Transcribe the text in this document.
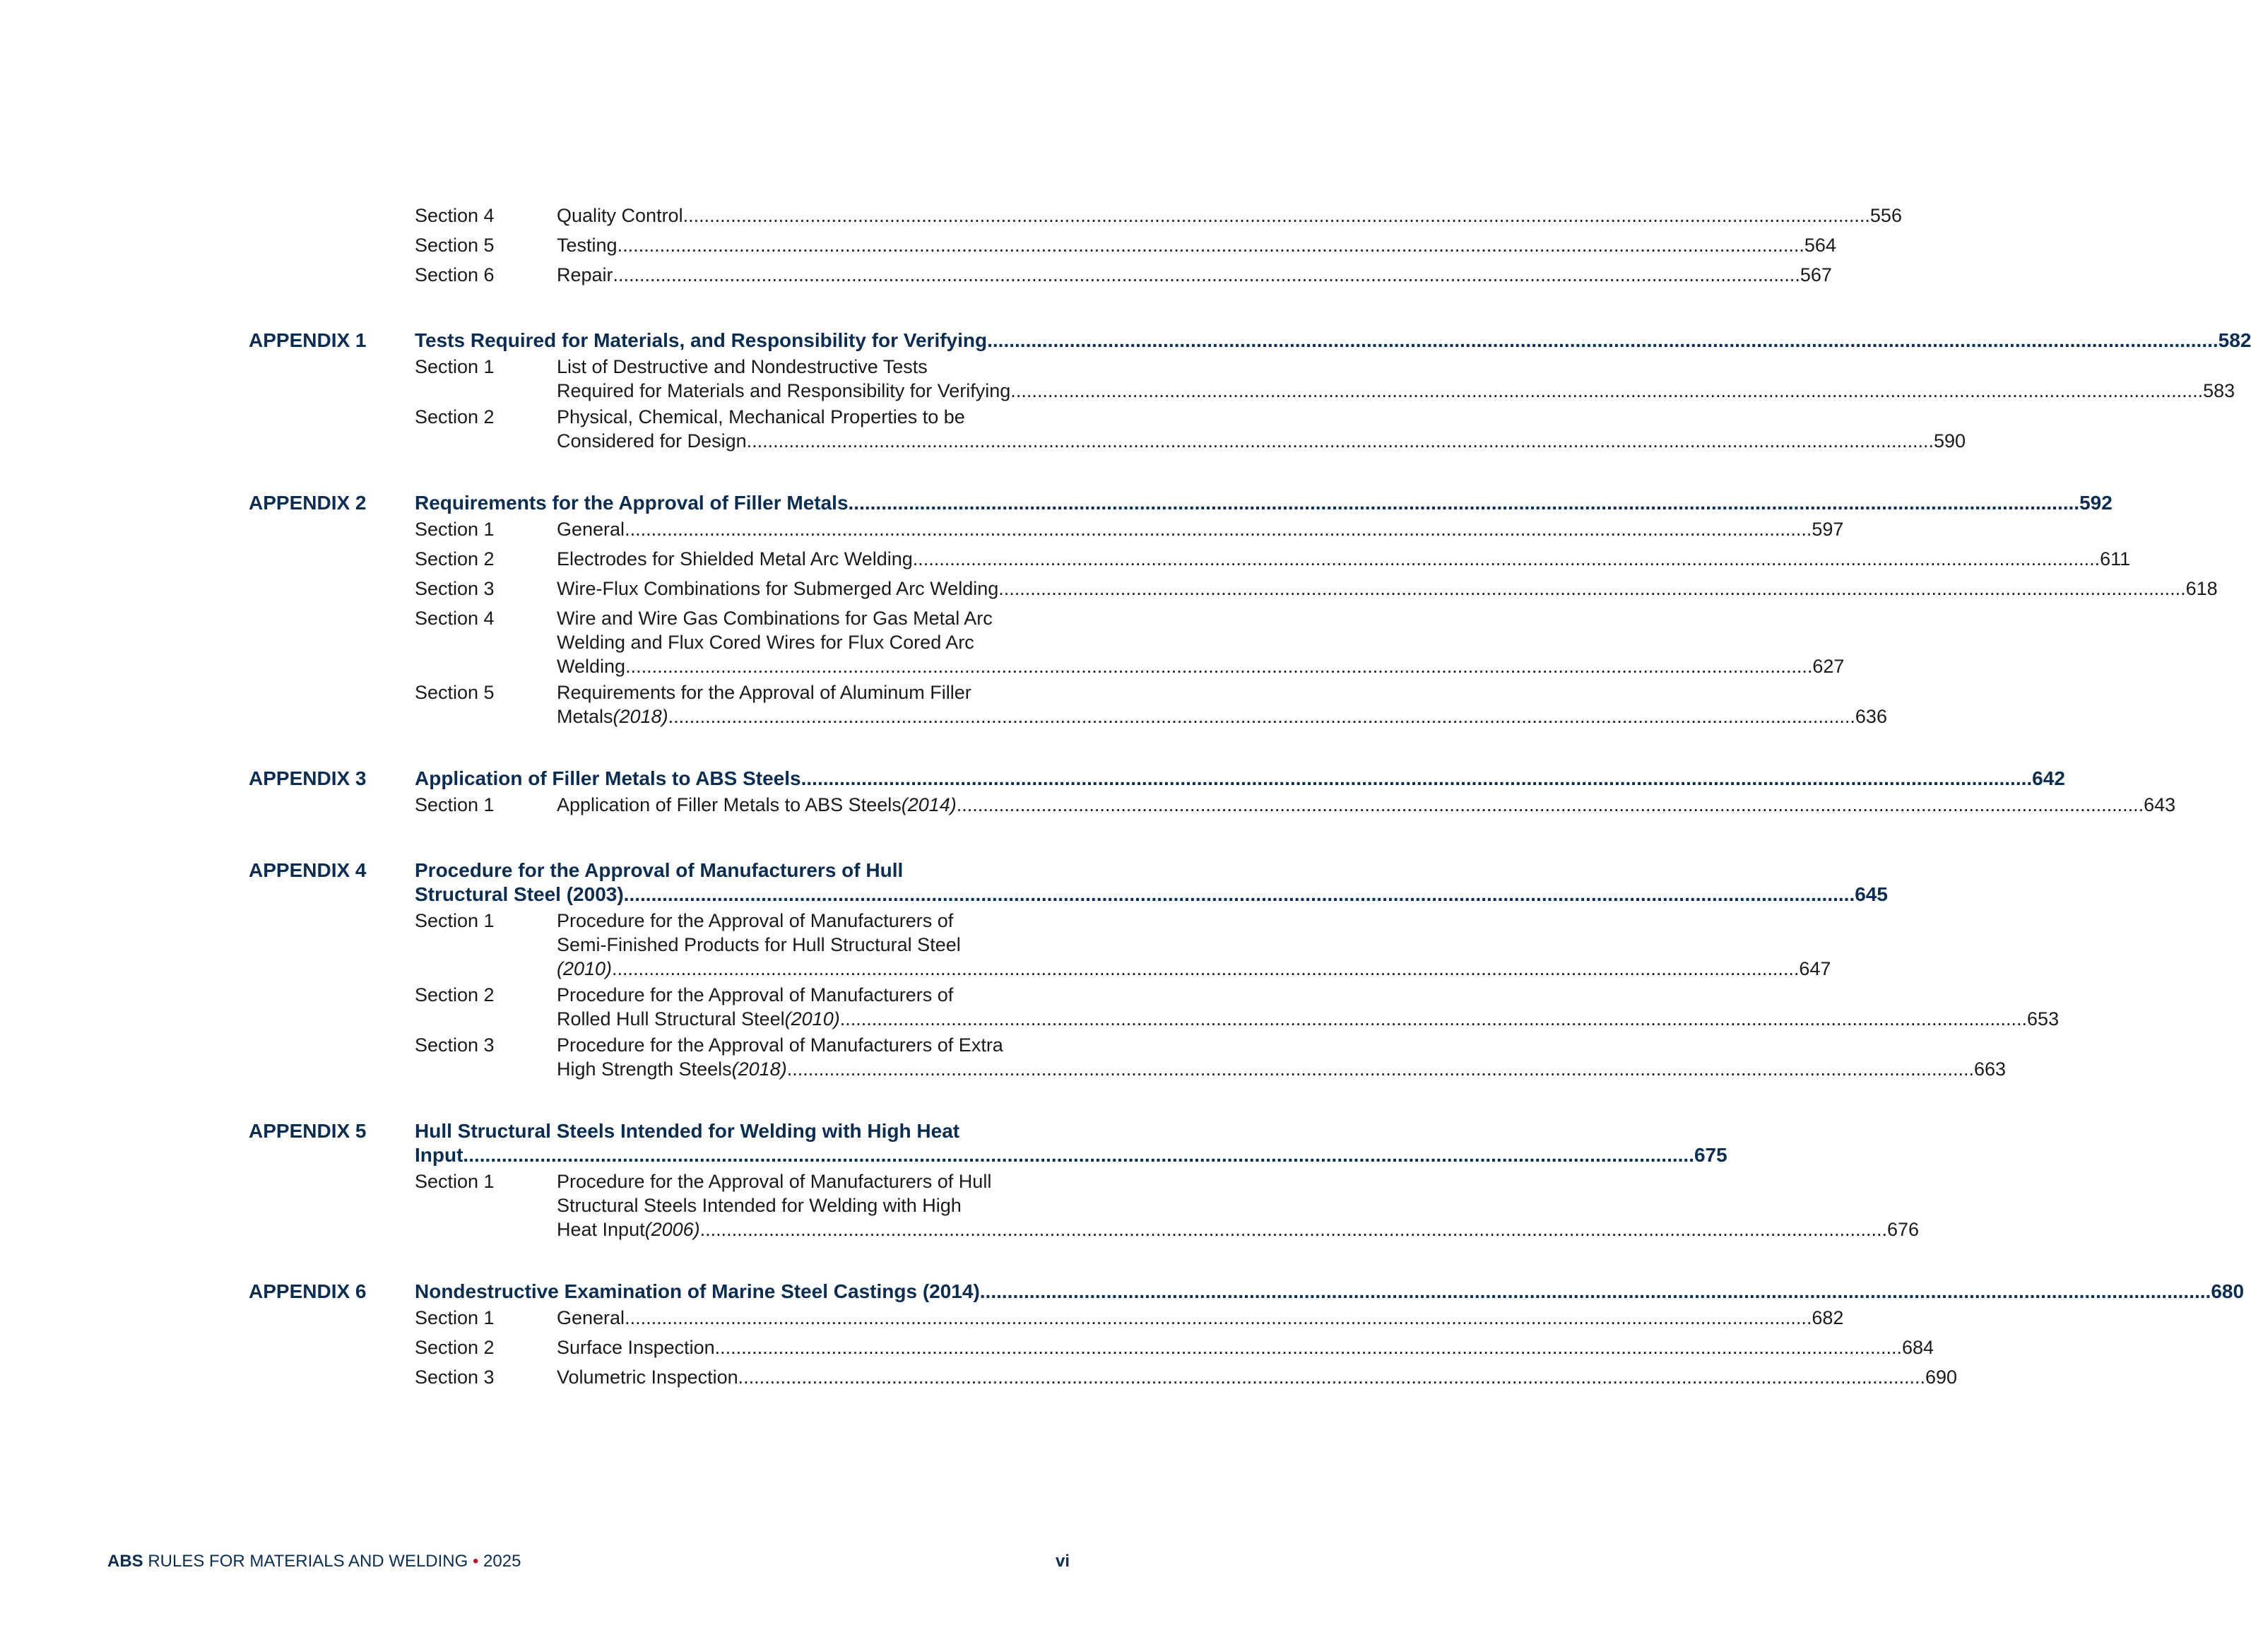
Section 4	Quality Control .....	556
Section 5	Testing .....	564
Section 6	Repair .....	567
APPENDIX 1	Tests Required for Materials, and Responsibility for Verifying .....	582
Section 1	List of Destructive and Nondestructive Tests
Required for Materials and Responsibility for Verifying. .....	583
Section 2	Physical, Chemical, Mechanical Properties to be
Considered for Design .....	590
APPENDIX 2	Requirements for the Approval of Filler Metals .....	592
Section 1	General .....	597
Section 2	Electrodes for Shielded Metal Arc Welding .....	611
Section 3	Wire-Flux Combinations for Submerged Arc Welding .....	618
Section 4	Wire and Wire Gas Combinations for Gas Metal Arc
Welding and Flux Cored Wires for Flux Cored Arc
Welding .....	627
Section 5	Requirements for the Approval of Aluminum Filler
Metals (2018) .....	636
APPENDIX 3	Application of Filler Metals to ABS Steels .....	642
Section 1	Application of Filler Metals to ABS Steels (2014) .....	643
APPENDIX 4	Procedure for the Approval of Manufacturers of Hull
Structural Steel (2003) .....	645
Section 1	Procedure for the Approval of Manufacturers of
Semi-Finished Products for Hull Structural Steel
(2010) .....	647
Section 2	Procedure for the Approval of Manufacturers of
Rolled Hull Structural Steel (2010) .....	653
Section 3	Procedure for the Approval of Manufacturers of Extra
High Strength Steels (2018) .....	663
APPENDIX 5	Hull Structural Steels Intended for Welding with High Heat
Input .....	675
Section 1	Procedure for the Approval of Manufacturers of Hull
Structural Steels Intended for Welding with High
Heat Input (2006) .....	676
APPENDIX 6	Nondestructive Examination of Marine Steel Castings (2014) .....	680
Section 1	General .....	682
Section 2	Surface Inspection .....	684
Section 3	Volumetric Inspection .....	690
ABS RULES FOR MATERIALS AND WELDING • 2025	vi
